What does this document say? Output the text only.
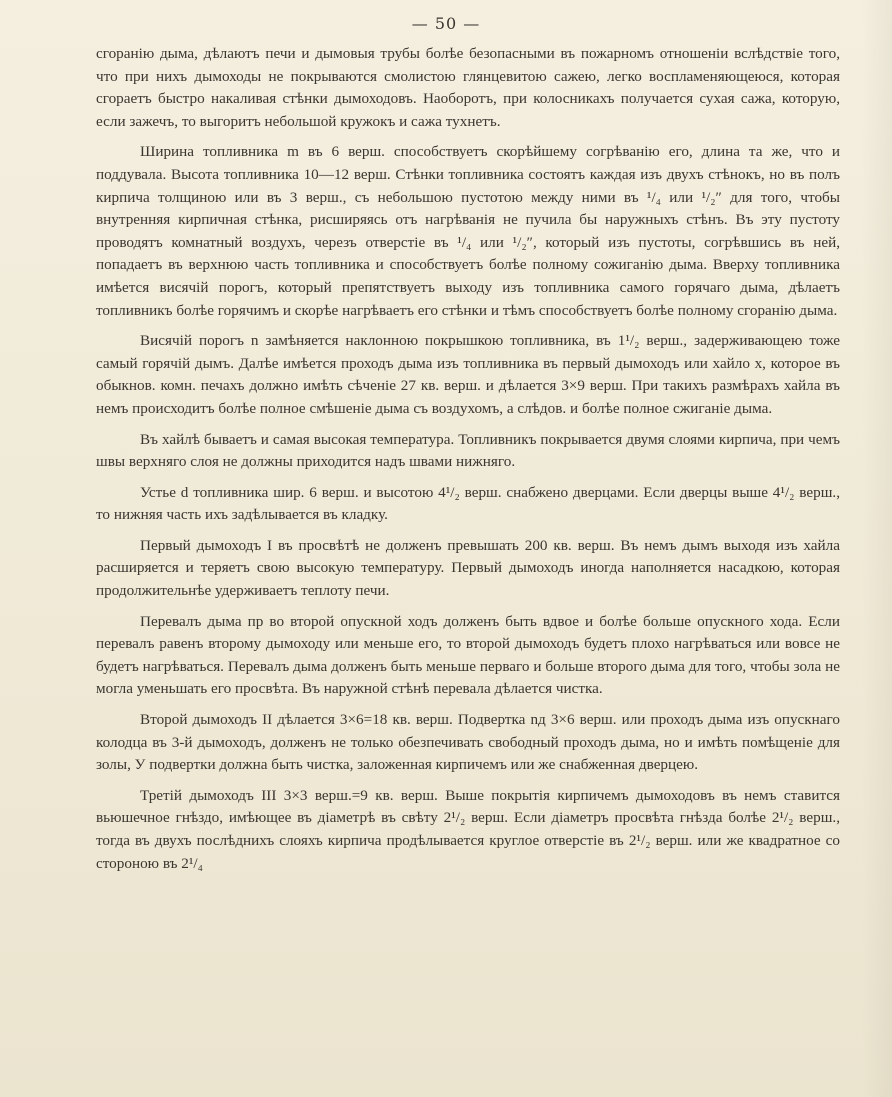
— 50 —

сгоранію дыма, дѣлаютъ печи и дымовыя трубы болѣе безопасными въ пожарномъ отношеніи вслѣдствіе того, что при нихъ дымоходы не покрываются смолистою глянцевитою сажею, легко воспламеняющеюся, которая сгораетъ быстро накаливая стѣнки дымоходовъ. Наоборотъ, при колосникахъ получается сухая сажа, которую, если зажечъ, то выгоритъ небольшой кружокъ и сажа тухнетъ.

Ширина топливника m въ 6 верш. способствуетъ скорѣйшему согрѣванію его, длина та же, что и поддувала. Высота топливника 10—12 верш. Стѣнки топливника состоятъ каждая изъ двухъ стѣнокъ, но въ полъ кирпича толщиною или въ 3 верш., съ небольшою пустотою между ними въ ¹/₄ или ¹/₂″ для того, чтобы внутренняя кирпичная стѣнка, рисширяясь отъ нагрѣванія не пучила бы наружныхъ стѣнъ. Въ эту пустоту проводятъ комнатный воздухъ, черезъ отверстіе въ ¹/₄ или ¹/₂″, который изъ пустоты, согрѣвшись въ ней, попадаетъ въ верхнюю часть топливника и способствуетъ болѣе полному сожиганію дыма. Вверху топливника имѣется висячій порогъ, который препятствуетъ выходу изъ топливника самого горячаго дыма, дѣлаетъ топливникъ болѣе горячимъ и скорѣе нагрѣваетъ его стѣнки и тѣмъ способствуетъ болѣе полному сгоранію дыма.

Висячій порогъ n замѣняется наклонною покрышкою топливника, въ 1¹/₂ верш., задерживающею тоже самый горячій дымъ. Далѣе имѣется проходъ дыма изъ топливника въ первый дымоходъ или хайло x, которое въ обыкнов. комн. печахъ должно имѣть сѣченіе 27 кв. верш. и дѣлается 3×9 верш. При такихъ размѣрахъ хайла въ немъ происходитъ болѣе полное смѣшеніе дыма съ воздухомъ, а слѣдов. и болѣе полное сжиганіе дыма.

Въ хайлѣ бываетъ и самая высокая температура. Топливникъ покрывается двумя слоями кирпича, при чемъ швы верхняго слоя не должны приходится надъ швами нижняго.

Устье d топливника шир. 6 верш. и высотою 4¹/₂ верш. снабжено дверцами. Если дверцы выше 4¹/₂ верш., то нижняя часть ихъ задѣлывается въ кладку.

Первый дымоходъ I въ просвѣтѣ не долженъ превышать 200 кв. верш. Въ немъ дымъ выходя изъ хайла расширяется и теряетъ свою высокую температуру. Первый дымоходъ иногда наполняется насадкою, которая продолжительнѣе удерживаетъ теплоту печи.

Перевалъ дыма пр во второй опускной ходъ долженъ быть вдвое и болѣе больше опускного хода. Если перевалъ равенъ второму дымоходу или меньше его, то второй дымоходъ будетъ плохо нагрѣваться или вовсе не будетъ нагрѣваться. Перевалъ дыма долженъ быть меньше перваго и больше второго дыма для того, чтобы зола не могла уменьшать его просвѣта. Въ наружной стѣнѣ перевала дѣлается чистка.

Второй дымоходъ II дѣлается 3×6=18 кв. верш. Подвертка nд 3×6 верш. или проходъ дыма изъ опускнаго колодца въ 3-й дымоходъ, долженъ не только обезпечивать свободный проходъ дыма, но и имѣть помѣщеніе для золы, У подвертки должна быть чистка, заложенная кирпичемъ или же снабженная дверцею.

Третій дымоходъ III 3×3 верш.=9 кв. верш. Выше покрытія кирпичемъ дымоходовъ въ немъ ставится вьюшечное гнѣздо, имѣющее въ діаметрѣ въ свѣту 2¹/₂ верш. Если діаметръ просвѣта гнѣзда болѣе 2¹/₂ верш., тогда въ двухъ послѣднихъ слояхъ кирпича продѣлывается круглое отверстіе въ 2¹/₂ верш. или же квадратное со стороною въ 2¹/₄
